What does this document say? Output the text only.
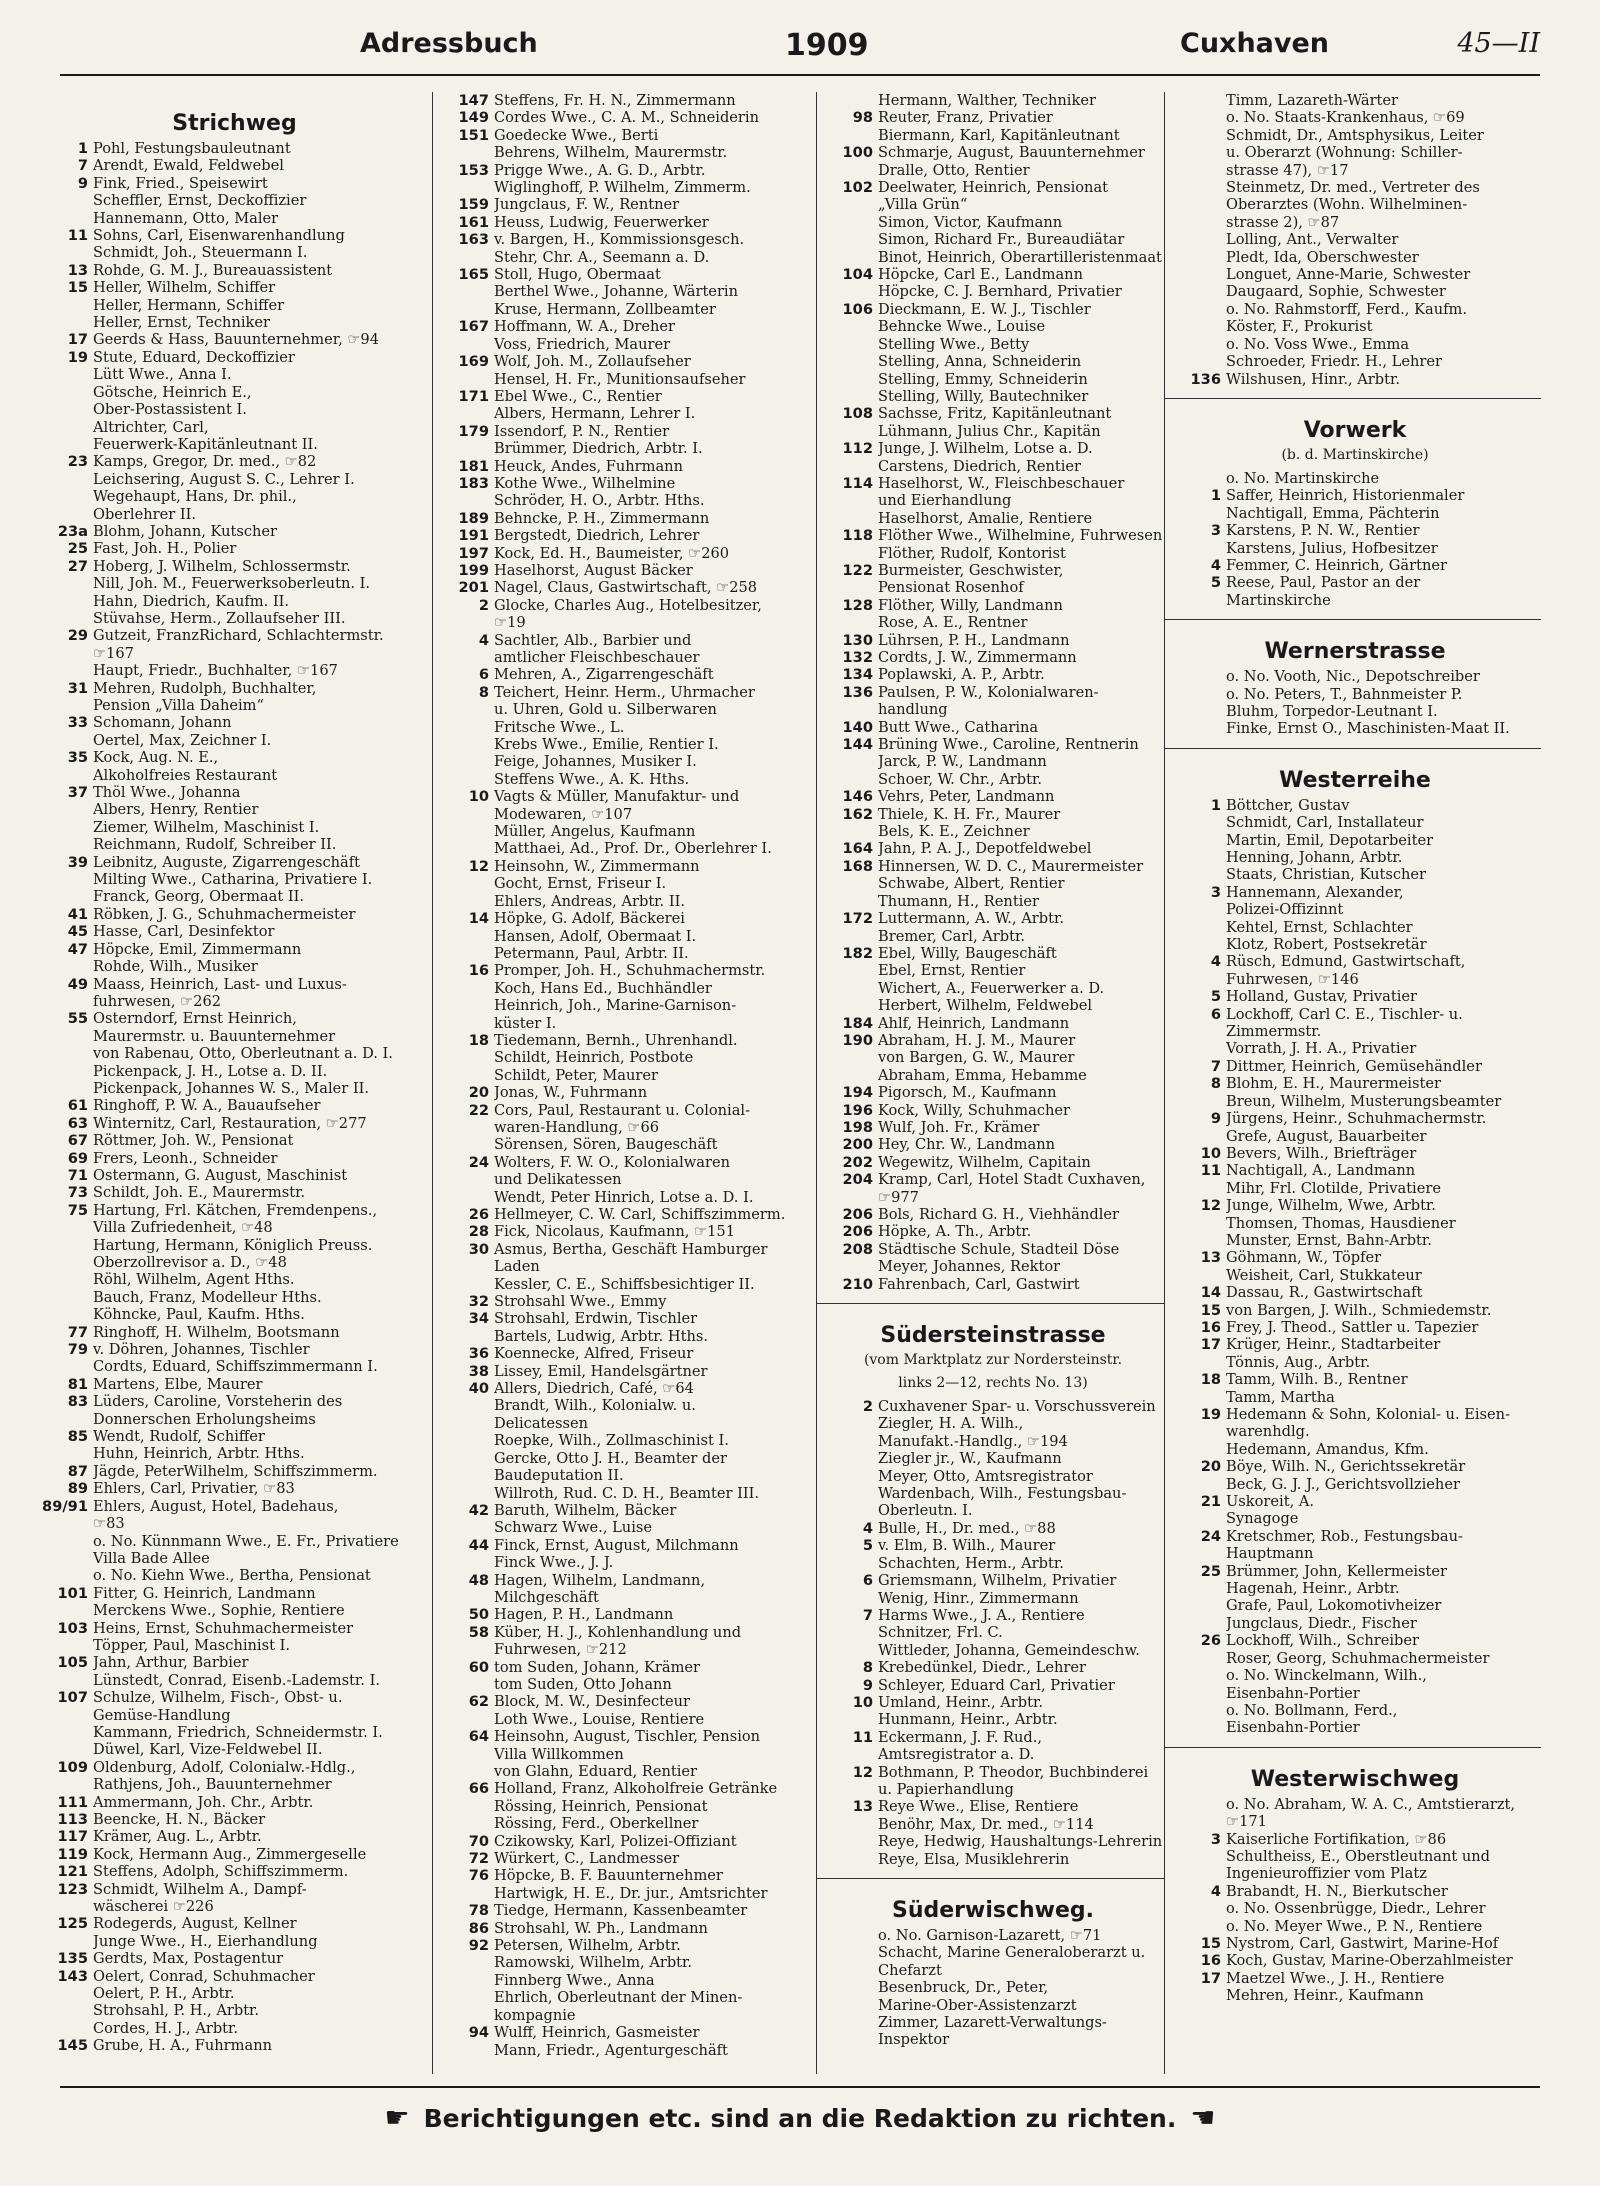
Adressbuch	1909	Cuxhaven	45—II
Strichweg
1 Pohl, Festungsbauleutnant
7 Arendt, Ewald, Feldwebel
9 Fink, Fried., Speisewirt
Scheffler, Ernst, Deckoffizier
Hannemann, Otto, Maler
11 Sohns, Carl, Eisenwarenhandlung
Schmidt, Joh., Steuermann I.
13 Rohde, G. M. J., Bureauassistent
15 Heller, Wilhelm, Schiffer
Heller, Hermann, Schiffer
Heller, Ernst, Techniker
17 Geerds & Hass, Bauunternehmer, ☞94
19 Stute, Eduard, Deckoffizier
Lütt Wwe., Anna I.
Götsche, Heinrich E.,
Ober-Postassistent I.
Altrichter, Carl,
Feuerwerk-Kapitänleutnant II.
23 Kamps, Gregor, Dr. med., ☞82
Leichsering, August S. C., Lehrer I.
Wegehaupt, Hans, Dr. phil.,
Oberlehrer II.
23a Blohm, Johann, Kutscher
25 Fast, Joh. H., Polier
27 Hoberg, J. Wilhelm, Schlossermstr.
Nill, Joh. M., Feuerwerksoberleutn. I.
Hahn, Diedrich, Kaufm. II.
Stüvahse, Herm., Zollaufseher III.
29 Gutzeit, FranzRichard, Schlachtermstr.
☞167
Haupt, Friedr., Buchhalter, ☞167
31 Mehren, Rudolph, Buchhalter,
Pension „Villa Daheim“
33 Schomann, Johann
Oertel, Max, Zeichner I.
35 Kock, Aug. N. E.,
Alkoholfreies Restaurant
37 Thöl Wwe., Johanna
Albers, Henry, Rentier
Ziemer, Wilhelm, Maschinist I.
Reichmann, Rudolf, Schreiber II.
39 Leibnitz, Auguste, Zigarrengeschäft
Milting Wwe., Catharina, Privatiere I.
Franck, Georg, Obermaat II.
41 Röbken, J. G., Schuhmachermeister
45 Hasse, Carl, Desinfektor
47 Höpcke, Emil, Zimmermann
Rohde, Wilh., Musiker
49 Maass, Heinrich, Last- und Luxus-
fuhrwesen, ☞262
55 Osterndorf, Ernst Heinrich,
Maurermstr. u. Bauunternehmer
von Rabenau, Otto, Oberleutnant a. D. I.
Pickenpack, J. H., Lotse a. D. II.
Pickenpack, Johannes W. S., Maler II.
61 Ringhoff, P. W. A., Bauaufseher
63 Winternitz, Carl, Restauration, ☞277
67 Röttmer, Joh. W., Pensionat
69 Frers, Leonh., Schneider
71 Ostermann, G. August, Maschinist
73 Schildt, Joh. E., Maurermstr.
75 Hartung, Frl. Kätchen, Fremdenpens.,
Villa Zufriedenheit, ☞48
Hartung, Hermann, Königlich Preuss.
Oberzollrevisor a. D., ☞48
Röhl, Wilhelm, Agent Hths.
Bauch, Franz, Modelleur Hths.
Köhncke, Paul, Kaufm. Hths.
77 Ringhoff, H. Wilhelm, Bootsmann
79 v. Döhren, Johannes, Tischler
Cordts, Eduard, Schiffszimmermann I.
81 Martens, Elbe, Maurer
83 Lüders, Caroline, Vorsteherin des
Donnerschen Erholungsheims
85 Wendt, Rudolf, Schiffer
Huhn, Heinrich, Arbtr. Hths.
87 Jägde, PeterWilhelm, Schiffszimmerm.
89 Ehlers, Carl, Privatier, ☞83
89/91 Ehlers, August, Hotel, Badehaus,
☞83
o. No. Künnmann Wwe., E. Fr., Privatiere
Villa Bade Allee
o. No. Kiehn Wwe., Bertha, Pensionat
101 Fitter, G. Heinrich, Landmann
Merckens Wwe., Sophie, Rentiere
103 Heins, Ernst, Schuhmachermeister
Töpper, Paul, Maschinist I.
105 Jahn, Arthur, Barbier
Lünstedt, Conrad, Eisenb.-Lademstr. I.
107 Schulze, Wilhelm, Fisch-, Obst- u.
Gemüse-Handlung
Kammann, Friedrich, Schneidermstr. I.
Düwel, Karl, Vize-Feldwebel II.
109 Oldenburg, Adolf, Colonialw.-Hdlg.,
Rathjens, Joh., Bauunternehmer
111 Ammermann, Joh. Chr., Arbtr.
113 Beencke, H. N., Bäcker
117 Krämer, Aug. L., Arbtr.
119 Kock, Hermann Aug., Zimmergeselle
121 Steffens, Adolph, Schiffszimmerm.
123 Schmidt, Wilhelm A., Dampf-
wäscherei ☞226
125 Rodegerds, August, Kellner
Junge Wwe., H., Eierhandlung
135 Gerdts, Max, Postagentur
143 Oelert, Conrad, Schuhmacher
Oelert, P. H., Arbtr.
Strohsahl, P. H., Arbtr.
Cordes, H. J., Arbtr.
145 Grube, H. A., Fuhrmann
147 Steffens, Fr. H. N., Zimmermann
149 Cordes Wwe., C. A. M., Schneiderin
151 Goedecke Wwe., Berti
Behrens, Wilhelm, Maurermstr.
153 Prigge Wwe., A. G. D., Arbtr.
Wiglinghoff, P. Wilhelm, Zimmerm.
159 Jungclaus, F. W., Rentner
161 Heuss, Ludwig, Feuerwerker
163 v. Bargen, H., Kommissionsgesch.
Stehr, Chr. A., Seemann a. D.
165 Stoll, Hugo, Obermaat
Berthel Wwe., Johanne, Wärterin
Kruse, Hermann, Zollbeamter
167 Hoffmann, W. A., Dreher
Voss, Friedrich, Maurer
169 Wolf, Joh. M., Zollaufseher
Hensel, H. Fr., Munitionsaufseher
171 Ebel Wwe., C., Rentier
Albers, Hermann, Lehrer I.
179 Issendorf, P. N., Rentier
Brümmer, Diedrich, Arbtr. I.
181 Heuck, Andes, Fuhrmann
183 Kothe Wwe., Wilhelmine
Schröder, H. O., Arbtr. Hths.
189 Behncke, P. H., Zimmermann
191 Bergstedt, Diedrich, Lehrer
197 Kock, Ed. H., Baumeister, ☞260
199 Haselhorst, August Bäcker
201 Nagel, Claus, Gastwirtschaft, ☞258
2 Glocke, Charles Aug., Hotelbesitzer,
☞19
4 Sachtler, Alb., Barbier und
amtlicher Fleischbeschauer
6 Mehren, A., Zigarrengeschäft
8 Teichert, Heinr. Herm., Uhrmacher
u. Uhren, Gold u. Silberwaren
Fritsche Wwe., L.
Krebs Wwe., Emilie, Rentier I.
Feige, Johannes, Musiker I.
Steffens Wwe., A. K. Hths.
10 Vagts & Müller, Manufaktur- und
Modewaren, ☞107
Müller, Angelus, Kaufmann
Matthaei, Ad., Prof. Dr., Oberlehrer I.
12 Heinsohn, W., Zimmermann
Gocht, Ernst, Friseur I.
Ehlers, Andreas, Arbtr. II.
14 Höpke, G. Adolf, Bäckerei
Hansen, Adolf, Obermaat I.
Petermann, Paul, Arbtr. II.
16 Promper, Joh. H., Schuhmachermstr.
Koch, Hans Ed., Buchhändler
Heinrich, Joh., Marine-Garnison-
küster I.
18 Tiedemann, Bernh., Uhrenhandl.
Schildt, Heinrich, Postbote
Schildt, Peter, Maurer
20 Jonas, W., Fuhrmann
22 Cors, Paul, Restaurant u. Colonial-
waren-Handlung, ☞66
Sörensen, Sören, Baugeschäft
24 Wolters, F. W. O., Kolonialwaren
und Delikatessen
Wendt, Peter Hinrich, Lotse a. D. I.
26 Hellmeyer, C. W. Carl, Schiffszimmerm.
28 Fick, Nicolaus, Kaufmann, ☞151
30 Asmus, Bertha, Geschäft Hamburger
Laden
Kessler, C. E., Schiffsbesichtiger II.
32 Strohsahl Wwe., Emmy
34 Strohsahl, Erdwin, Tischler
Bartels, Ludwig, Arbtr. Hths.
36 Koennecke, Alfred, Friseur
38 Lissey, Emil, Handelsgärtner
40 Allers, Diedrich, Café, ☞64
Brandt, Wilh., Kolonialw. u.
Delicatessen
Roepke, Wilh., Zollmaschinist I.
Gercke, Otto J. H., Beamter der
Baudeputation II.
Willroth, Rud. C. D. H., Beamter III.
42 Baruth, Wilhelm, Bäcker
Schwarz Wwe., Luise
44 Finck, Ernst, August, Milchmann
Finck Wwe., J. J.
48 Hagen, Wilhelm, Landmann,
Milchgeschäft
50 Hagen, P. H., Landmann
58 Küber, H. J., Kohlenhandlung und
Fuhrwesen, ☞212
60 tom Suden, Johann, Krämer
tom Suden, Otto Johann
62 Block, M. W., Desinfecteur
Loth Wwe., Louise, Rentiere
64 Heinsohn, August, Tischler, Pension
Villa Willkommen
von Glahn, Eduard, Rentier
66 Holland, Franz, Alkoholfreie Getränke
Rössing, Heinrich, Pensionat
Rössing, Ferd., Oberkellner
70 Czikowsky, Karl, Polizei-Offiziant
72 Würkert, C., Landmesser
76 Höpcke, B. F. Bauunternehmer
Hartwigk, H. E., Dr. jur., Amtsrichter
78 Tiedge, Hermann, Kassenbeamter
86 Strohsahl, W. Ph., Landmann
92 Petersen, Wilhelm, Arbtr.
Ramowski, Wilhelm, Arbtr.
Finnberg Wwe., Anna
Ehrlich, Oberleutnant der Minen-
kompagnie
94 Wulff, Heinrich, Gasmeister
Mann, Friedr., Agenturgeschäft
Hermann, Walther, Techniker
98 Reuter, Franz, Privatier
Biermann, Karl, Kapitänleutnant
100 Schmarje, August, Bauunternehmer
Dralle, Otto, Rentier
102 Deelwater, Heinrich, Pensionat
„Villa Grün“
Simon, Victor, Kaufmann
Simon, Richard Fr., Bureaudiätar
Binot, Heinrich, Oberartilleristenmaat
104 Höpcke, Carl E., Landmann
Höpcke, C. J. Bernhard, Privatier
106 Dieckmann, E. W. J., Tischler
Behncke Wwe., Louise
Stelling Wwe., Betty
Stelling, Anna, Schneiderin
Stelling, Emmy, Schneiderin
Stelling, Willy, Bautechniker
108 Sachsse, Fritz, Kapitänleutnant
Lühmann, Julius Chr., Kapitän
112 Junge, J. Wilhelm, Lotse a. D.
Carstens, Diedrich, Rentier
114 Haselhorst, W., Fleischbeschauer
und Eierhandlung
Haselhorst, Amalie, Rentiere
118 Flöther Wwe., Wilhelmine, Fuhrwesen
Flöther, Rudolf, Kontorist
122 Burmeister, Geschwister,
Pensionat Rosenhof
128 Flöther, Willy, Landmann
Rose, A. E., Rentner
130 Lührsen, P. H., Landmann
132 Cordts, J. W., Zimmermann
134 Poplawski, A. P., Arbtr.
136 Paulsen, P. W., Kolonialwaren-
handlung
140 Butt Wwe., Catharina
144 Brüning Wwe., Caroline, Rentnerin
Jarck, P. W., Landmann
Schoer, W. Chr., Arbtr.
146 Vehrs, Peter, Landmann
162 Thiele, K. H. Fr., Maurer
Bels, K. E., Zeichner
164 Jahn, P. A. J., Depotfeldwebel
168 Hinnersen, W. D. C., Maurermeister
Schwabe, Albert, Rentier
Thumann, H., Rentier
172 Luttermann, A. W., Arbtr.
Bremer, Carl, Arbtr.
182 Ebel, Willy, Baugeschäft
Ebel, Ernst, Rentier
Wichert, A., Feuerwerker a. D.
Herbert, Wilhelm, Feldwebel
184 Ahlf, Heinrich, Landmann
190 Abraham, H. J. M., Maurer
von Bargen, G. W., Maurer
Abraham, Emma, Hebamme
194 Pigorsch, M., Kaufmann
196 Kock, Willy, Schuhmacher
198 Wulf, Joh. Fr., Krämer
200 Hey, Chr. W., Landmann
202 Wegewitz, Wilhelm, Capitain
204 Kramp, Carl, Hotel Stadt Cuxhaven,
☞977
206 Bols, Richard G. H., Viehhändler
206 Höpke, A. Th., Arbtr.
208 Städtische Schule, Stadteil Döse
Meyer, Johannes, Rektor
210 Fahrenbach, Carl, Gastwirt
Südersteinstrasse
(vom Marktplatz zur Nordersteinstr.
links 2—12, rechts No. 13)
2 Cuxhavener Spar- u. Vorschussverein
Ziegler, H. A. Wilh.,
Manufakt.-Handlg., ☞194
Ziegler jr., W., Kaufmann
Meyer, Otto, Amtsregistrator
Wardenbach, Wilh., Festungsbau-
Oberleutn. I.
4 Bulle, H., Dr. med., ☞88
5 v. Elm, B. Wilh., Maurer
Schachten, Herm., Arbtr.
6 Griemsmann, Wilhelm, Privatier
Wenig, Hinr., Zimmermann
7 Harms Wwe., J. A., Rentiere
Schnitzer, Frl. C.
Wittleder, Johanna, Gemeindeschw.
8 Krebedünkel, Diedr., Lehrer
9 Schleyer, Eduard Carl, Privatier
10 Umland, Heinr., Arbtr.
Hunmann, Heinr., Arbtr.
11 Eckermann, J. F. Rud.,
Amtsregistrator a. D.
12 Bothmann, P. Theodor, Buchbinderei
u. Papierhandlung
13 Reye Wwe., Elise, Rentiere
Benöhr, Max, Dr. med., ☞114
Reye, Hedwig, Haushaltungs-Lehrerin
Reye, Elsa, Musiklehrerin
Süderwischweg.
o. No. Garnison-Lazarett, ☞71
Schacht, Marine Generaloberarzt u.
Chefarzt
Besenbruck, Dr., Peter,
Marine-Ober-Assistenzarzt
Zimmer, Lazarett-Verwaltungs-
Inspektor
Timm, Lazareth-Wärter
o. No. Staats-Krankenhaus, ☞69
Schmidt, Dr., Amtsphysikus, Leiter
u. Oberarzt (Wohnung: Schiller-
strasse 47), ☞17
Steinmetz, Dr. med., Vertreter des
Oberarztes (Wohn. Wilhelminen-
strasse 2), ☞87
Lolling, Ant., Verwalter
Pledt, Ida, Oberschwester
Longuet, Anne-Marie, Schwester
Daugaard, Sophie, Schwester
o. No. Rahmstorff, Ferd., Kaufm.
Köster, F., Prokurist
o. No. Voss Wwe., Emma
Schroeder, Friedr. H., Lehrer
136 Wilshusen, Hinr., Arbtr.
Vorwerk
(b. d. Martinskirche)
o. No. Martinskirche
1 Saffer, Heinrich, Historienmaler
Nachtigall, Emma, Pächterin
3 Karstens, P. N. W., Rentier
Karstens, Julius, Hofbesitzer
4 Femmer, C. Heinrich, Gärtner
5 Reese, Paul, Pastor an der
Martinskirche
Wernerstrasse
o. No. Vooth, Nic., Depotschreiber
o. No. Peters, T., Bahnmeister P.
Bluhm, Torpedor-Leutnant I.
Finke, Ernst O., Maschinisten-Maat II.
Westerreihe
1 Böttcher, Gustav
Schmidt, Carl, Installateur
Martin, Emil, Depotarbeiter
Henning, Johann, Arbtr.
Staats, Christian, Kutscher
3 Hannemann, Alexander,
Polizei-Offizinnt
Kehtel, Ernst, Schlachter
Klotz, Robert, Postsekretär
4 Rüsch, Edmund, Gastwirtschaft,
Fuhrwesen, ☞146
5 Holland, Gustav, Privatier
6 Lockhoff, Carl C. E., Tischler- u.
Zimmermstr.
Vorrath, J. H. A., Privatier
7 Dittmer, Heinrich, Gemüsehändler
8 Blohm, E. H., Maurermeister
Breun, Wilhelm, Musterungsbeamter
9 Jürgens, Heinr., Schuhmachermstr.
Grefe, August, Bauarbeiter
10 Bevers, Wilh., Briefträger
11 Nachtigall, A., Landmann
Mihr, Frl. Clotilde, Privatiere
12 Junge, Wilhelm, Wwe, Arbtr.
Thomsen, Thomas, Hausdiener
Munster, Ernst, Bahn-Arbtr.
13 Göhmann, W., Töpfer
Weisheit, Carl, Stukkateur
14 Dassau, R., Gastwirtschaft
15 von Bargen, J. Wilh., Schmiedemstr.
16 Frey, J. Theod., Sattler u. Tapezier
17 Krüger, Heinr., Stadtarbeiter
Tönnis, Aug., Arbtr.
18 Tamm, Wilh. B., Rentner
Tamm, Martha
19 Hedemann & Sohn, Kolonial- u. Eisen-
warenhdlg.
Hedemann, Amandus, Kfm.
20 Böye, Wilh. N., Gerichtssekretär
Beck, G. J. J., Gerichtsvollzieher
21 Uskoreit, A.
Synagoge
24 Kretschmer, Rob., Festungsbau-
Hauptmann
25 Brümmer, John, Kellermeister
Hagenah, Heinr., Arbtr.
Grafe, Paul, Lokomotivheizer
Jungclaus, Diedr., Fischer
26 Lockhoff, Wilh., Schreiber
Roser, Georg, Schuhmachermeister
o. No. Winckelmann, Wilh.,
Eisenbahn-Portier
o. No. Bollmann, Ferd.,
Eisenbahn-Portier
Westerwischweg
o. No. Abraham, W. A. C., Amtstierarzt,
☞171
3 Kaiserliche Fortifikation, ☞86
Schultheiss, E., Oberstleutnant und
Ingenieuroffizier vom Platz
4 Brabandt, H. N., Bierkutscher
o. No. Ossenbrügge, Diedr., Lehrer
o. No. Meyer Wwe., P. N., Rentiere
15 Nystrom, Carl, Gastwirt, Marine-Hof
16 Koch, Gustav, Marine-Oberzahlmeister
17 Maetzel Wwe., J. H., Rentiere
Mehren, Heinr., Kaufmann
☛ Berichtigungen etc. sind an die Redaktion zu richten. ☚
